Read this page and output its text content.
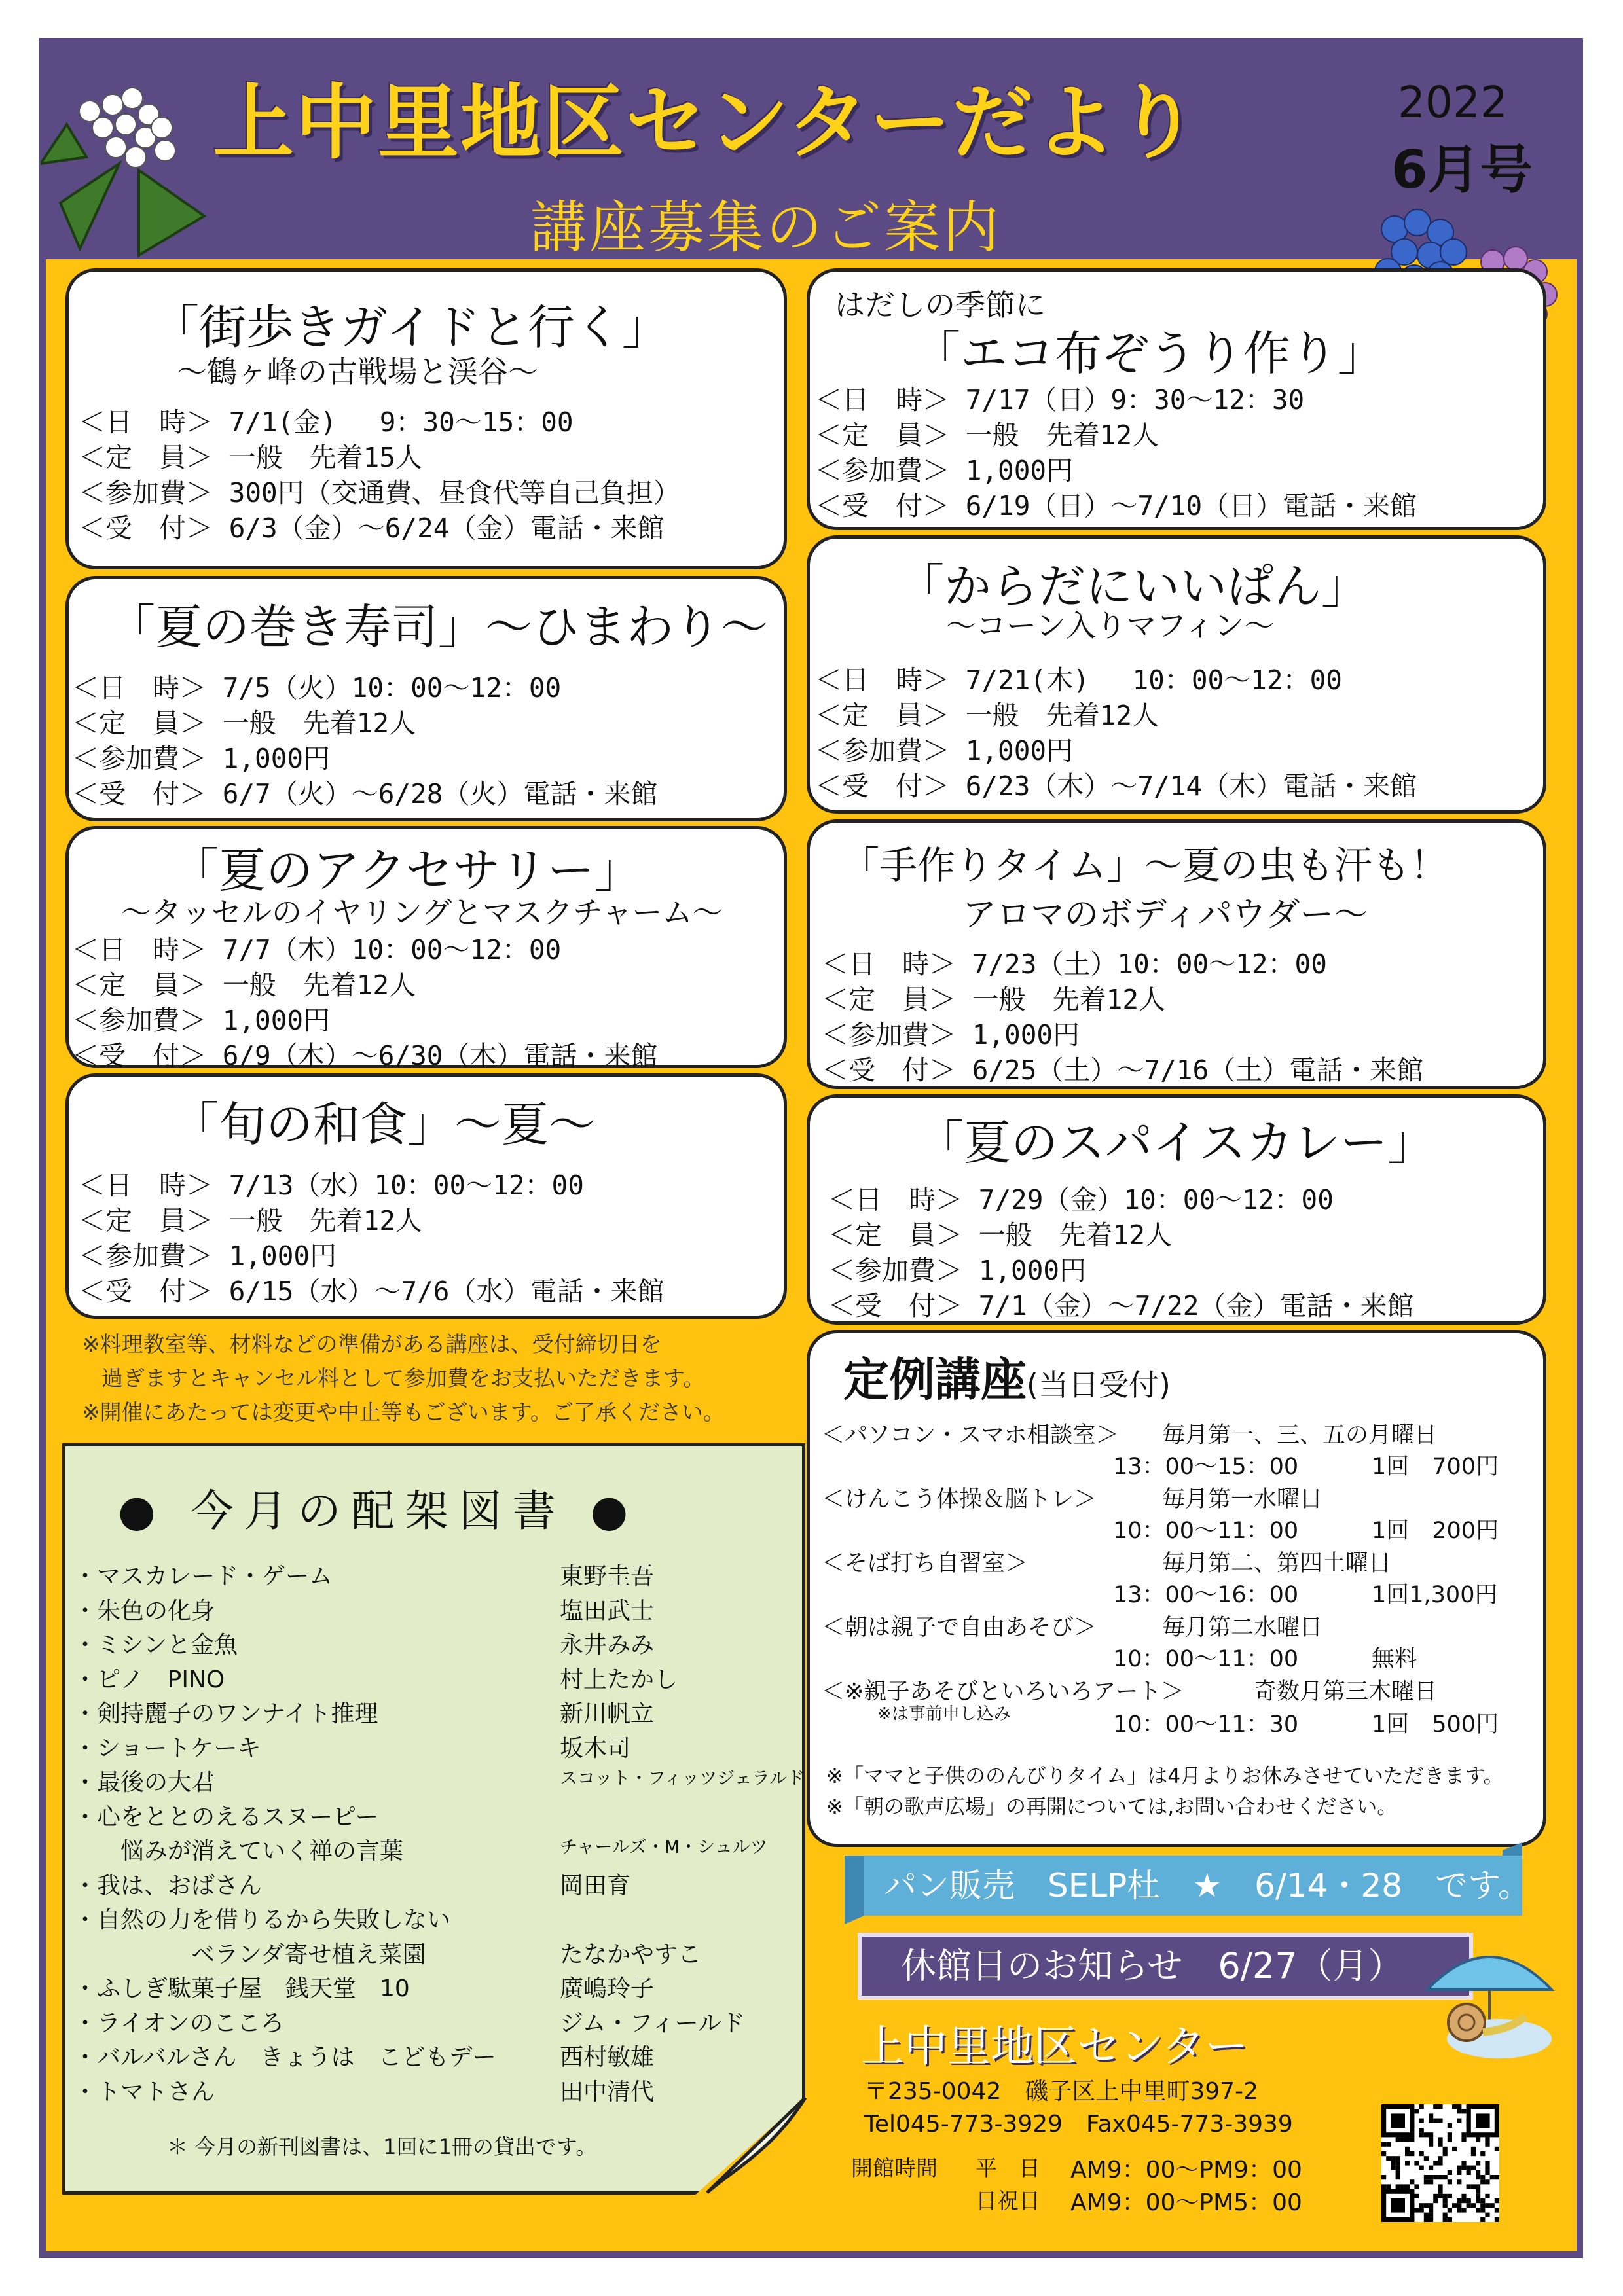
上中里地区センターだより	2022
6月号
講座募集のご案内
「街歩きガイドと行く」
～鶴ヶ峰の古戦場と渓谷～
＜日　時＞ 7/1(金)　 9：30～15：00
＜定　員＞ 一般　先着15人
＜参加費＞ 300円（交通費、昼食代等自己負担）
＜受　付＞ 6/3（金）～6/24（金）電話・来館
「夏の巻き寿司」～ひまわり～
＜日　時＞ 7/5（火）10：00～12：00
＜定　員＞ 一般　先着12人
＜参加費＞ 1,000円
＜受　付＞ 6/7（火）～6/28（火）電話・来館
「夏のアクセサリー」
～タッセルのイヤリングとマスクチャーム～
＜日　時＞ 7/7（木）10：00～12：00
＜定　員＞ 一般　先着12人
＜参加費＞ 1,000円
＜受　付＞ 6/9（木）～6/30（木）電話・来館
「旬の和食」～夏～
＜日　時＞ 7/13（水）10：00～12：00
＜定　員＞ 一般　先着12人
＜参加費＞ 1,000円
＜受　付＞ 6/15（水）～7/6（水）電話・来館
※料理教室等、材料などの準備がある講座は、受付締切日を
過ぎますとキャンセル料として参加費をお支払いただきます。
※開催にあたっては変更や中止等もございます。ご了承ください。
はだしの季節に
「エコ布ぞうり作り」
＜日　時＞ 7/17（日）9：30～12：30
＜定　員＞ 一般　先着12人
＜参加費＞ 1,000円
＜受　付＞ 6/19（日）～7/10（日）電話・来館
「からだにいいぱん」
～コーン入りマフィン～
＜日　時＞ 7/21(木)　 10：00～12：00
＜定　員＞ 一般　先着12人
＜参加費＞ 1,000円
＜受　付＞ 6/23（木）～7/14（木）電話・来館
「手作りタイム」～夏の虫も汗も！
アロマのボディパウダー～
＜日　時＞ 7/23（土）10：00～12：00
＜定　員＞ 一般　先着12人
＜参加費＞ 1,000円
＜受　付＞ 6/25（土）～7/16（土）電話・来館
「夏のスパイスカレー」
＜日　時＞ 7/29（金）10：00～12：00
＜定　員＞ 一般　先着12人
＜参加費＞ 1,000円
＜受　付＞ 7/1（金）～7/22（金）電話・来館
定例講座(当日受付)
＜パソコン・スマホ相談室＞ 毎月第一、三、五の月曜日
13：00～15：00	1回　700円
＜けんこう体操＆脳トレ＞	毎月第一水曜日
10：00～11：00	1回　200円
＜そば打ち自習室＞	毎月第二、第四土曜日
13：00～16：00	1回1,300円
＜朝は親子で自由あそび＞	毎月第二水曜日
10：00～11：00	無料
＜※親子あそびといろいろアート＞	奇数月第三木曜日
※は事前申し込み	10：00～11：30	1回　500円
※「ママと子供ののんびりタイム」は4月よりお休みさせていただきます。
※「朝の歌声広場」の再開については,お問い合わせください。
● 今月の配架図書 ●
・マスカレード・ゲーム	東野圭吾
・朱色の化身	塩田武士
・ミシンと金魚	永井みみ
・ピノ　PINO	村上たかし
・剣持麗子のワンナイト推理	新川帆立
・ショートケーキ	坂木司
・最後の大君	スコット・フィッツジェラルド
・心をととのえるスヌーピー
　　悩みが消えていく禅の言葉	チャールズ・M・シュルツ
・我は、おばさん	岡田育
・自然の力を借りるから失敗しない
　　　　　ベランダ寄せ植え菜園	たなかやすこ
・ふしぎ駄菓子屋　銭天堂　10	廣嶋玲子
・ライオンのこころ	ジム・フィールド
・バルバルさん　きょうは　こどもデー	西村敏雄
・トマトさん	田中清代
＊ 今月の新刊図書は、1回に1冊の貸出です。
パン販売　SELP杜　★　6/14・28　です。
休館日のお知らせ　6/27（月）
上中里地区センター
〒235-0042　磯子区上中里町397-2
Tel045-773-3929　Fax045-773-3939
開館時間 平　日 AM9：00～PM9：00
日祝日 AM9：00～PM5：00
